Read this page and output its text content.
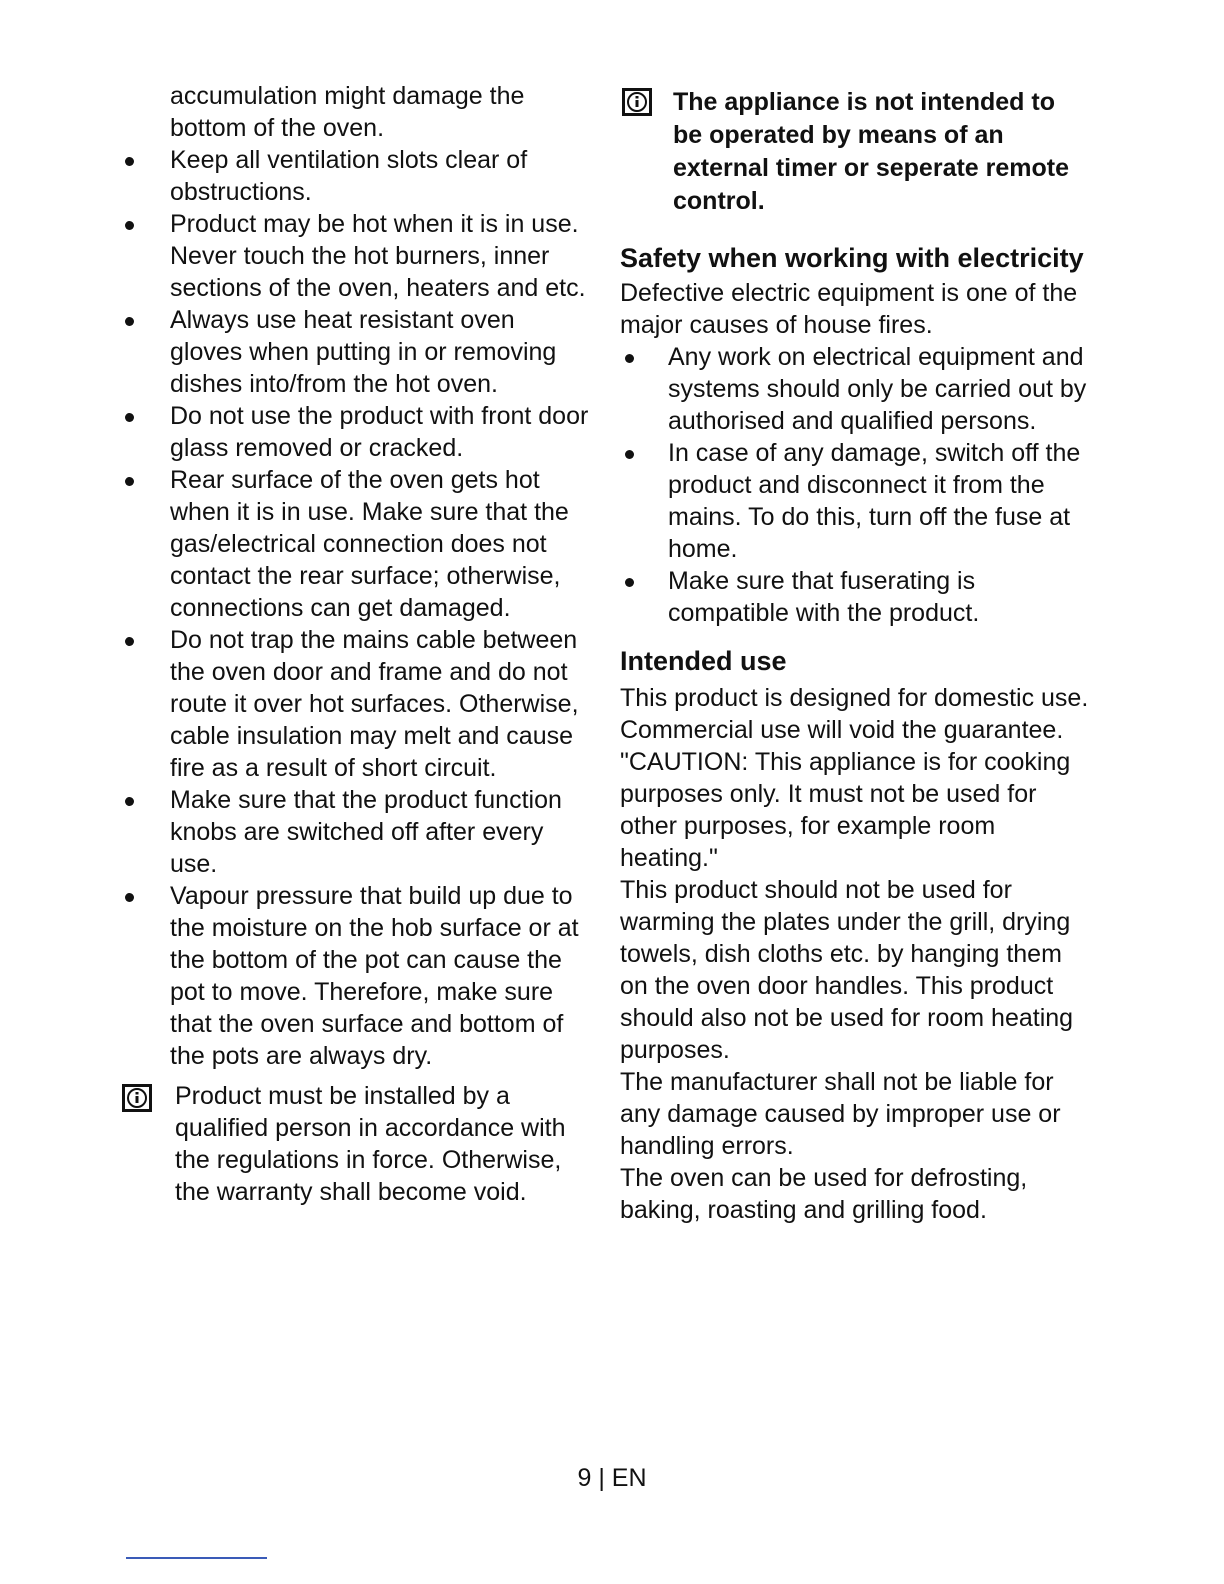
accumulation might damage the bottom of the oven.
Keep all ventilation slots clear of obstructions.
Product may be hot when it is in use. Never touch the hot burners, inner sections of the oven, heaters and etc.
Always use heat resistant oven gloves when putting in or removing dishes into/from the hot oven.
Do not use the product with front door glass removed or cracked.
Rear surface of the oven gets hot when it is in use. Make sure that the gas/electrical connection does not contact the rear surface; otherwise, connections can get damaged.
Do not trap the mains cable between the oven door and frame and do not route it over hot surfaces. Otherwise, cable insulation may melt and cause fire as a result of short circuit.
Make sure that the product function knobs are switched off after every use.
Vapour pressure that build up due to the moisture on the hob surface or at the bottom of the pot can cause the pot to move. Therefore, make sure that the oven surface and bottom of the pots are always dry.

Product must be installed by a qualified person in accordance with the regulations in force. Otherwise, the warranty shall become void.

The appliance is not intended to be operated by means of an external timer or seperate remote control.

Safety when working with electricity

Defective electric equipment is one of the major causes of house fires.

Any work on electrical equipment and systems should only be carried out by authorised and qualified persons.
In case of any damage, switch off the product and disconnect it from the mains. To do this, turn off the fuse at home.
Make sure that fuserating is compatible with the product.
Intended use

This product is designed for domestic use. Commercial use will void the guarantee.

"CAUTION: This appliance is for cooking purposes only. It must not be used for other purposes, for example room heating."

This product should not be used for warming the plates under the grill, drying towels, dish cloths etc. by hanging them on the oven door handles. This product should also not be used for room heating purposes.

The manufacturer shall not be liable for any damage caused by improper use or handling errors.

The oven can be used for defrosting, baking, roasting and grilling food.

9 | EN
